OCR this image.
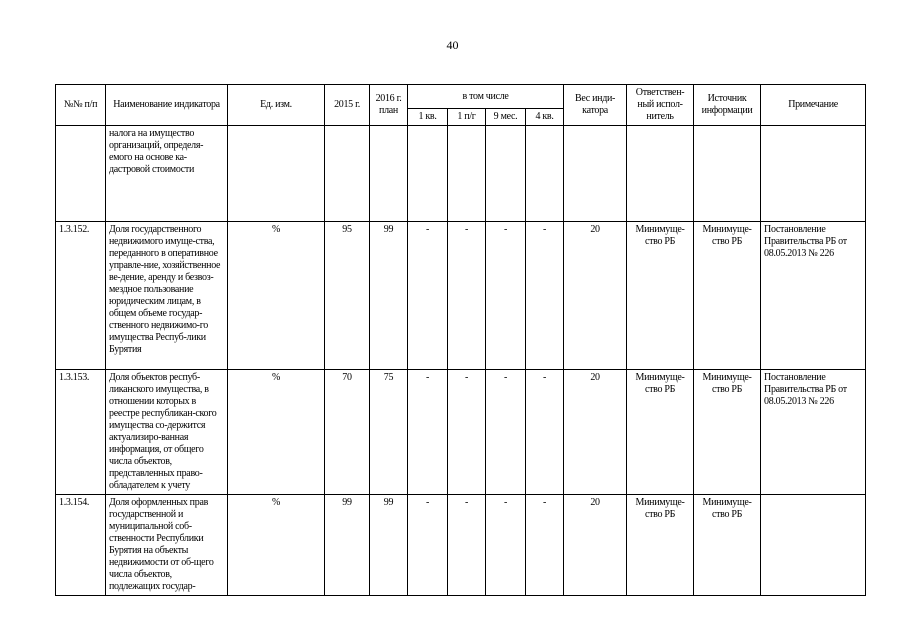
40
№№ п/п	Наименование индикатора	Ед. изм.	2015 г.	2016 г. план	в том числе				Вес инди-катора	Ответствен-ный испол-нитель	Источник информации	Примечание
					1 кв.	1 п/г	9 мес.	4 кв.				
	налога на имущество организаций, определя-емого на основе ка-дастровой стоимости											
1.3.152.	Доля государственного недвижимого имуще-ства, переданного в оперативное управле-ние, хозяйственное ве-дение, аренду и безвоз-мездное пользование юридическим лицам, в общем объеме государ-ственного недвижимо-го имущества Респуб-лики Бурятия	%	95	99	-	-	-	-	20	Минимуще-ство РБ	Минимуще-ство РБ	Постановление Правительства РБ от 08.05.2013 № 226
1.3.153.	Доля объектов респуб-ликанского имущества, в отношении которых в реестре республикан-ского имущества со-держится актуализиро-ванная информация, от общего числа объектов, представленных право-обладателем к учету	%	70	75	-	-	-	-	20	Минимуще-ство РБ	Минимуще-ство РБ	Постановление Правительства РБ от 08.05.2013 № 226
1.3.154.	Доля оформленных прав государственной и муниципальной соб-ственности Республики Бурятия на объекты недвижимости от об-щего числа объектов, подлежащих государ-	%	99	99	-	-	-	-	20	Минимуще-ство РБ	Минимуще-ство РБ	
